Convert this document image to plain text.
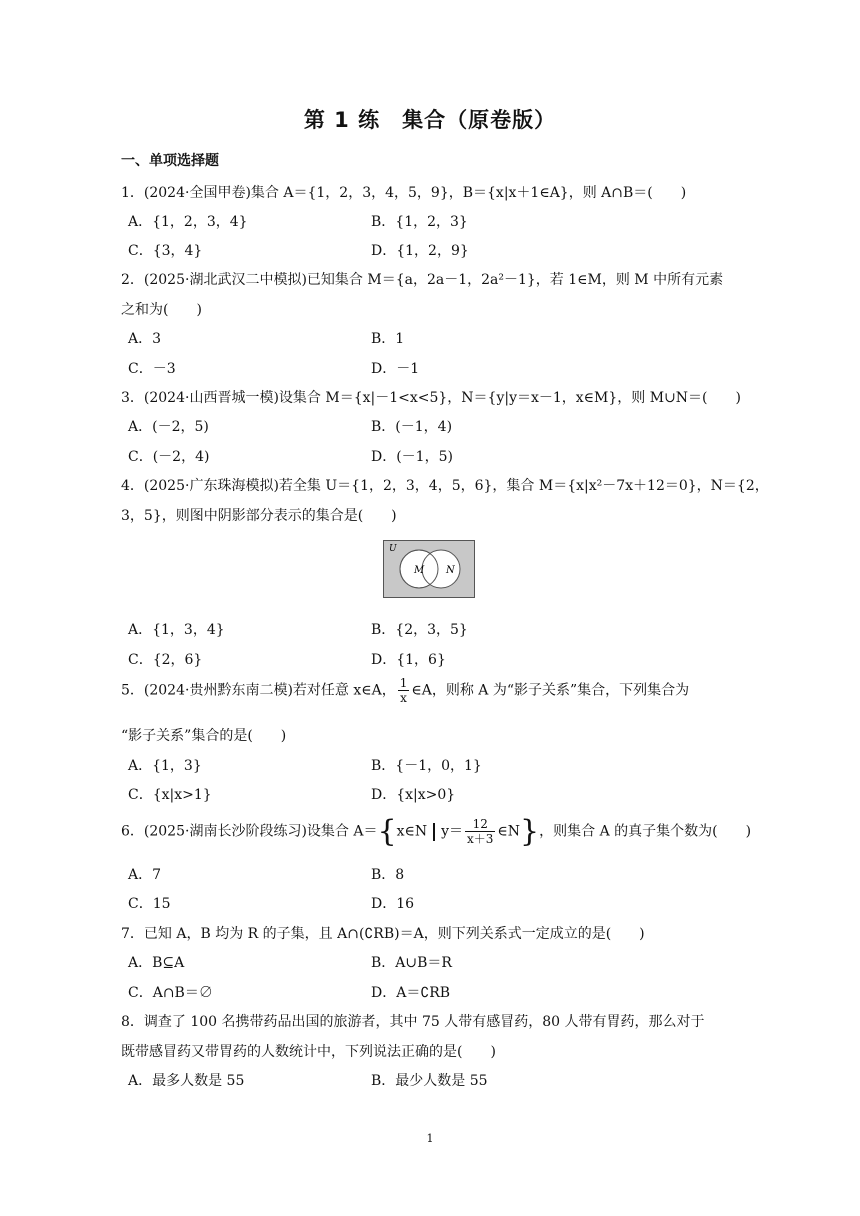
第 1 练　集合（原卷版）
一、单项选择题
1．(2024·全国甲卷)集合 A＝{1，2，3，4，5，9}，B＝{x|x＋1∈A}，则 A∩B＝(　　)
A．{1，2，3，4}	B．{1，2，3}
C．{3，4}	D．{1，2，9}
2．(2025·湖北武汉二中模拟)已知集合 M＝{a，2a－1，2a²－1}，若 1∈M，则 M 中所有元素
之和为(　　)
A．3	B．1
C．－3	D．－1
3．(2024·山西晋城一模)设集合 M＝{x|－1<x<5}，N＝{y|y＝x－1，x∈M}，则 M∪N＝(　　)
A．(－2，5)	B．(－1，4)
C．(－2，4)	D．(－1，5)
4．(2025·广东珠海模拟)若全集 U＝{1，2，3，4，5，6}，集合 M＝{x|x²－7x＋12＝0}，N＝{2，
3，5}，则图中阴影部分表示的集合是(　　)
U
M N
A．{1，3，4}	B．{2，3，5}
C．{2，6}	D．{1，6}
5．(2024·贵州黔东南二模)若对任意 x∈A， $\frac{1}{x}$ ∈A，则称 A 为“影子关系”集合，下列集合为
“影子关系”集合的是(　　)
A．{1，3}	B．{－1，0，1}
C．{x|x>1}	D．{x|x>0}
6．(2025·湖南长沙阶段练习)设集合 A＝{x∈N $y= \frac{12}{x+3}$ ∈N}，则集合 A 的真子集个数为(　　)
A．7	B．8
C．15	D．16
7．已知 A，B 均为 R 的子集，且 A∩(∁RB)＝A，则下列关系式一定成立的是(　　)
A．B⊆A	B．A∪B＝R
C．A∩B＝∅	D．A＝∁RB
8．调查了 100 名携带药品出国的旅游者，其中 75 人带有感冒药，80 人带有胃药，那么对于
既带感冒药又带胃药的人数统计中，下列说法正确的是(　　)
A．最多人数是 55	B．最少人数是 55
1
